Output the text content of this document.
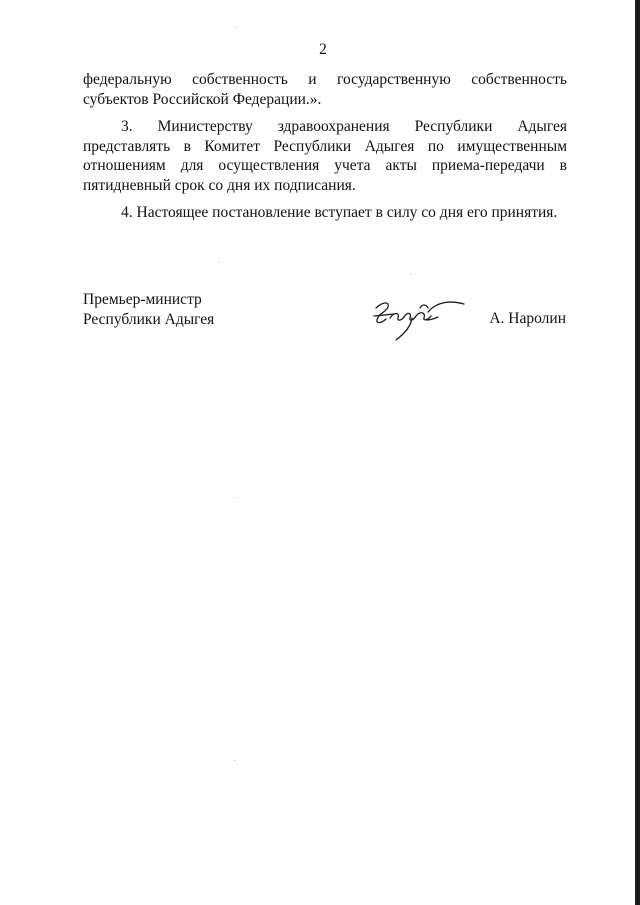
2

федеральную собственность и государственную собственность субъектов Российской Федерации.».

3. Министерству здравоохранения Республики Адыгея представлять в Комитет Республики Адыгея по имущественным отношениям для осуществления учета акты приема-передачи в пятидневный срок со дня их подписания.

4. Настоящее постановление вступает в силу со дня его принятия.

Премьер-министр
Республики Адыгея	А. Наролин
